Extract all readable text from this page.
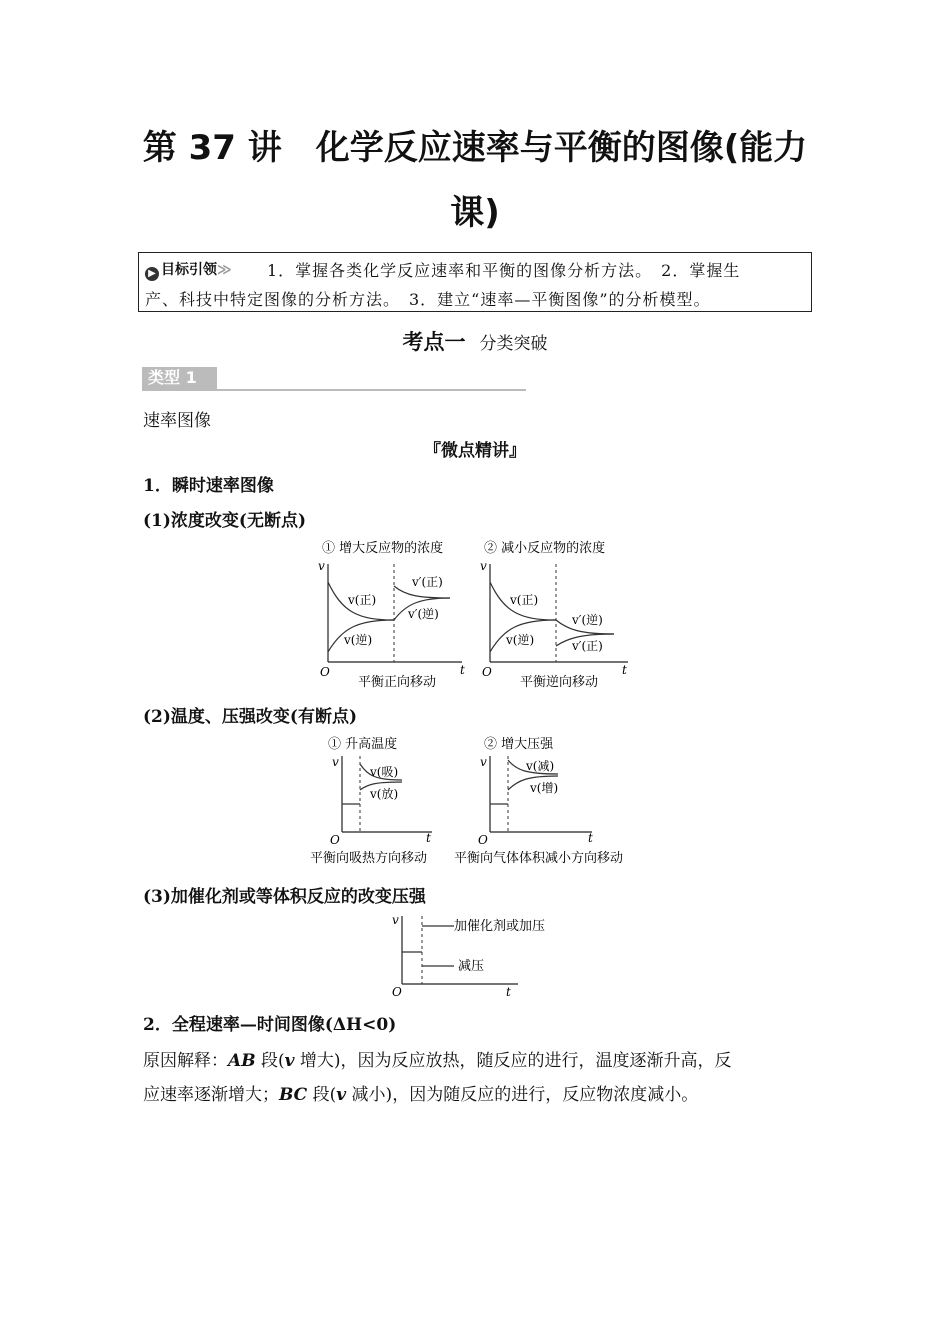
第 37 讲　化学反应速率与平衡的图像(能力
课)
▶ 目标引领≫ 1．掌握各类化学反应速率和平衡的图像分析方法。　2．掌握生
产、科技中特定图像的分析方法。　3．建立“速率—平衡图像”的分析模型。
考点一 分类突破
类型 1
速率图像
『微点精讲』
1．瞬时速率图像
(1)浓度改变(无断点)
① 增大反应物的浓度
v
O	t
v(正)
v(逆)
v′(正)
v′(逆)
平衡正向移动
② 减小反应物的浓度
v
O	t
v(正)
v(逆)
v′(逆)
v′(正)
平衡逆向移动
(2)温度、压强改变(有断点)
① 升高温度
v
O	t
v(吸)
v(放)
平衡向吸热方向移动
② 增大压强
v
O	t
v(减)
v(增)
平衡向气体体积减小方向移动
(3)加催化剂或等体积反应的改变压强
v
O	t
加催化剂或加压
减压
2．全程速率—时间图像(ΔH<0)
原因解释：AB 段(v 增大)，因为反应放热，随反应的进行，温度逐渐升高，反
应速率逐渐增大；BC 段(v 减小)，因为随反应的进行，反应物浓度减小。
